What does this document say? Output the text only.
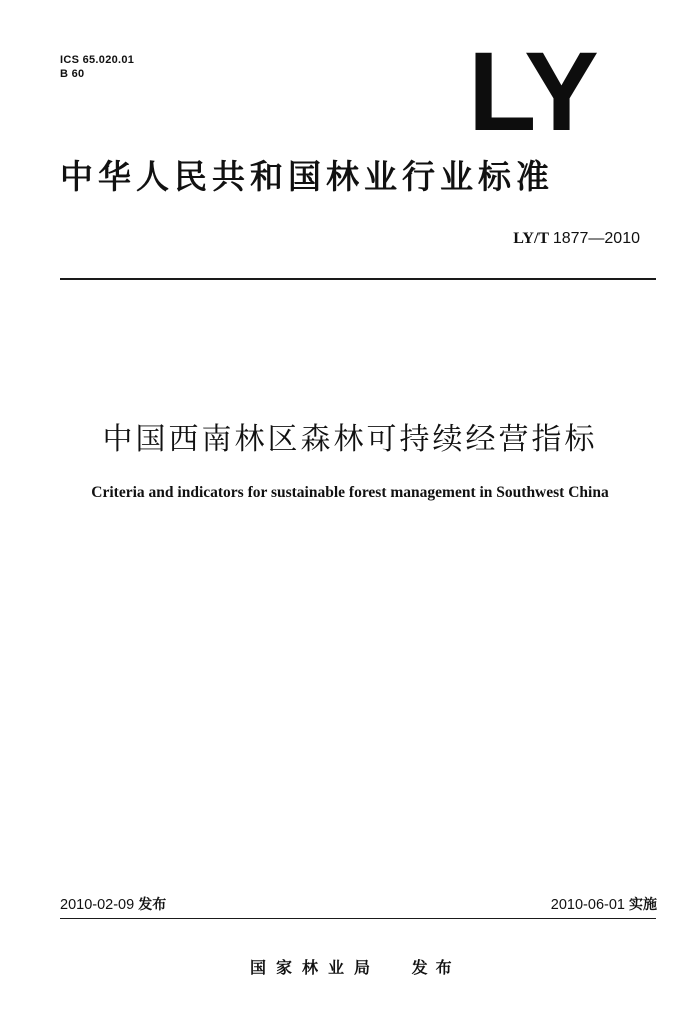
ICS 65.020.01
B 60	LY
中华人民共和国林业行业标准
LY/T 1877—2010
中国西南林区森林可持续经营指标
Criteria and indicators for sustainable forest management in Southwest China
2010-02-09 发布	2010-06-01 实施
国家林业局 发布
